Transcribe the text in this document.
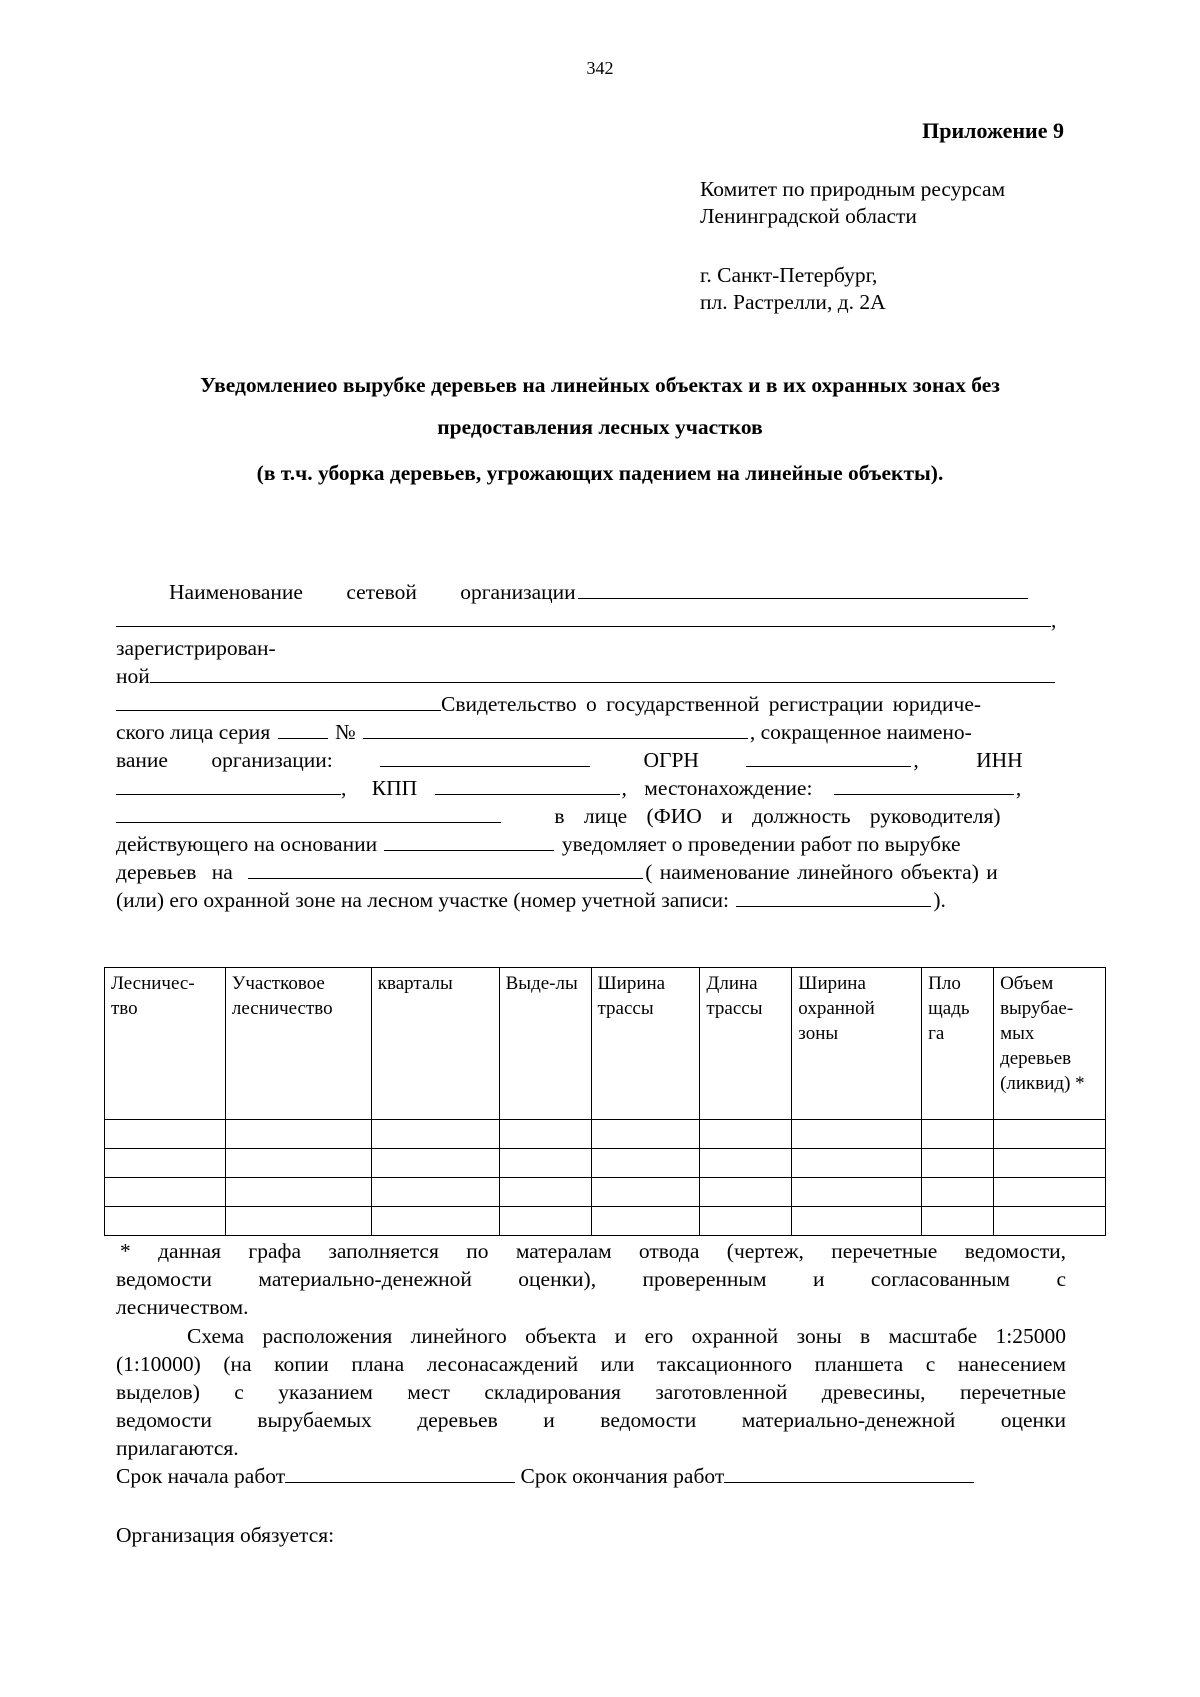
342
Приложение 9
Комитет по природным ресурсам
Ленинградской области
г. Санкт-Петербург,
пл. Растрелли, д. 2А
Уведомлениео вырубке деревьев на линейных объектах и в их охранных зонах без
предоставления лесных участков
(в т.ч. уборка деревьев, угрожающих падением на линейные объекты).
Наименование сетевой организации
,
зарегистрирован-
ной
Свидетельство о государственной регистрации юридиче-
ского лица серия	№	, сокращенное наимено-
вание организации:	ОГРН	, ИНН
, КПП	, местонахождение:	,
в лице (ФИО и должность руководителя)
действующего на основании	уведомляет о проведении работ по вырубке
деревьев на	( наименование линейного объекта) и
(или) его охранной зоне на лесном участке (номер учетной записи:	).
Лесничес-тво	Участковое лесничество	кварталы	Выде-лы	Ширина трассы	Длина трассы	Ширина охранной зоны	Пло щадь га	Объем вырубае-мых деревьев (ликвид) *

* данная графа заполняется по матералам отвода (чертеж, перечетные ведомости,
ведомости материально-денежной оценки), проверенным и согласованным с
лесничеством.
Схема расположения линейного объекта и его охранной зоны в масштабе 1:25000
(1:10000) (на копии плана лесонасаждений или таксационного планшета с нанесением
выделов) с указанием мест складирования заготовленной древесины, перечетные
ведомости вырубаемых деревьев и ведомости материально-денежной оценки
прилагаются.
Срок начала работ	Срок окончания работ
Организация обязуется:
